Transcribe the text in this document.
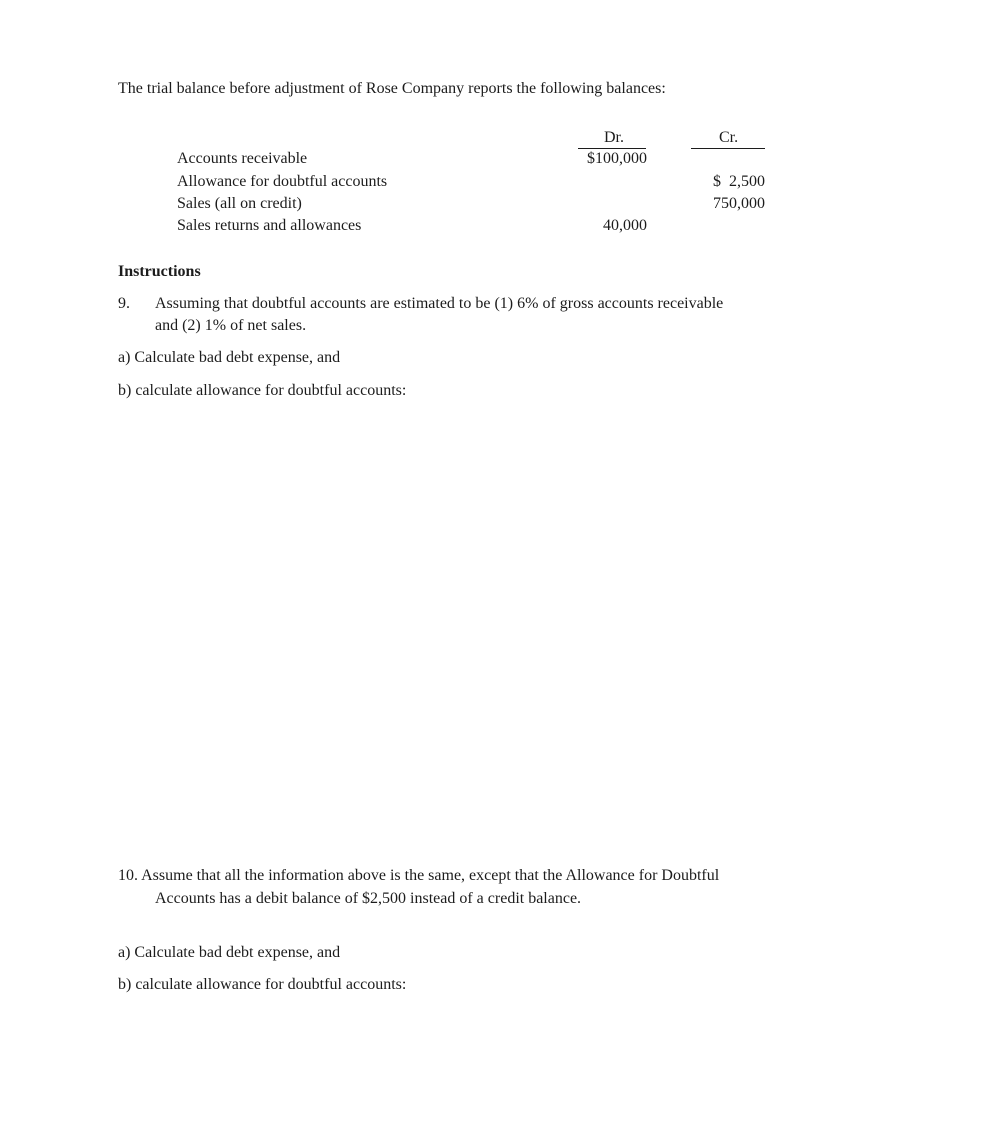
The trial balance before adjustment of Rose Company reports the following balances:
Dr.	Cr.
Accounts receivable
Allowance for doubtful accounts
Sales (all on credit)
Sales returns and allowances
$100,000
$  2,500
750,000
40,000
Instructions
9. Assuming that doubtful accounts are estimated to be (1) 6% of gross accounts receivable
and (2) 1% of net sales.
a) Calculate bad debt expense, and
b) calculate allowance for doubtful accounts:
10. Assume that all the information above is the same, except that the Allowance for Doubtful
Accounts has a debit balance of $2,500 instead of a credit balance.
a) Calculate bad debt expense, and
b) calculate allowance for doubtful accounts:
